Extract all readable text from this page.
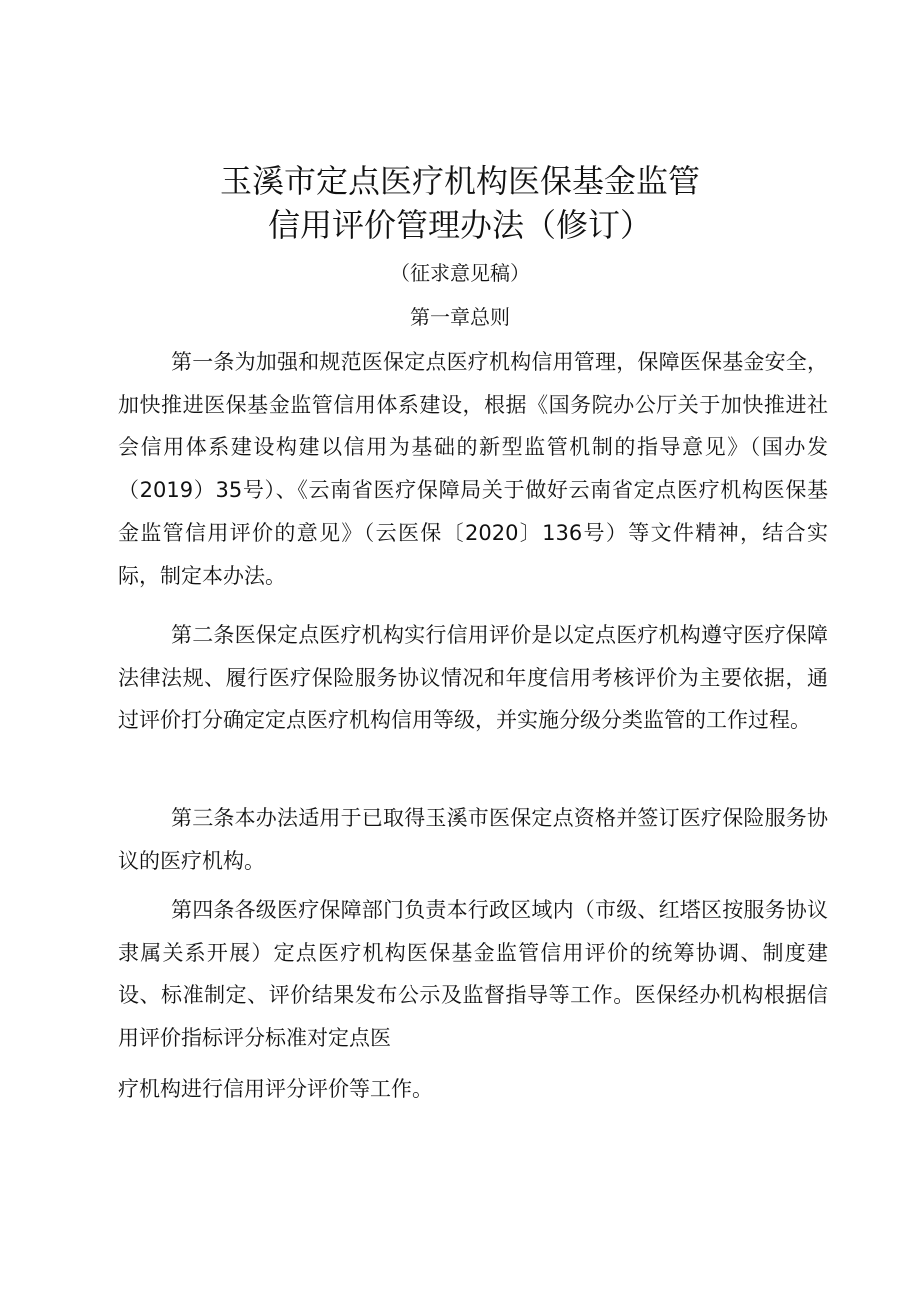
玉溪市定点医疗机构医保基金监管
信用评价管理办法（修订）
（征求意见稿）
第一章总则

第一条为加强和规范医保定点医疗机构信用管理，保障医保基金安全，加快推进医保基金监管信用体系建设，根据《国务院办公厅关于加快推进社会信用体系建设构建以信用为基础的新型监管机制的指导意见》（国办发（2019）35号）、《云南省医疗保障局关于做好云南省定点医疗机构医保基金监管信用评价的意见》（云医保〔2020〕136号）等文件精神，结合实际，制定本办法。

第二条医保定点医疗机构实行信用评价是以定点医疗机构遵守医疗保障法律法规、履行医疗保险服务协议情况和年度信用考核评价为主要依据，通过评价打分确定定点医疗机构信用等级，并实施分级分类监管的工作过程。

第三条本办法适用于已取得玉溪市医保定点资格并签订医疗保险服务协议的医疗机构。

第四条各级医疗保障部门负责本行政区域内（市级、红塔区按服务协议隶属关系开展）定点医疗机构医保基金监管信用评价的统筹协调、制度建设、标准制定、评价结果发布公示及监督指导等工作。医保经办机构根据信用评价指标评分标准对定点医

疗机构进行信用评分评价等工作。
